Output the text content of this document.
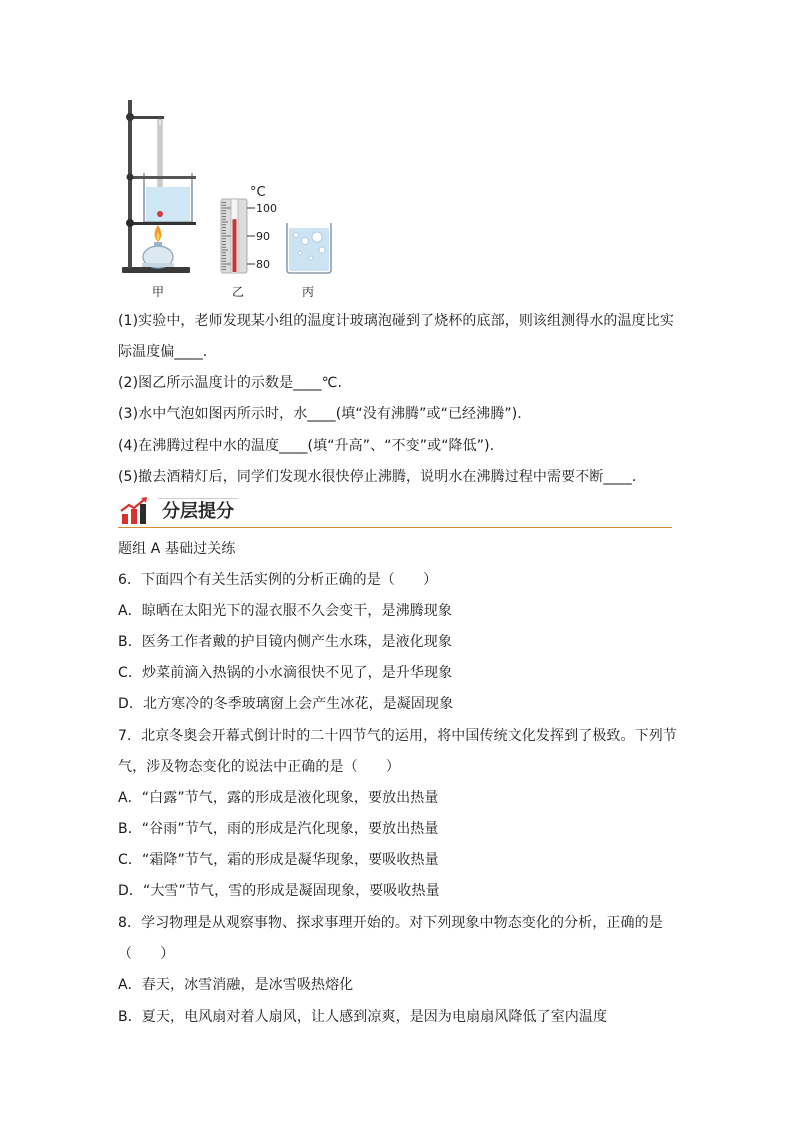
°C
100
90
80
甲	乙	丙
(1)实验中，老师发现某小组的温度计玻璃泡碰到了烧杯的底部，则该组测得水的温度比实
际温度偏____.
(2)图乙所示温度计的示数是____℃.
(3)水中气泡如图丙所示时，水____(填“没有沸腾”或“已经沸腾”).
(4)在沸腾过程中水的温度____(填“升高”、“不变”或“降低”).
(5)撤去酒精灯后，同学们发现水很快停止沸腾，说明水在沸腾过程中需要不断____.
分层提分
题组 A 基础过关练
6．下面四个有关生活实例的分析正确的是（　　）
A．晾晒在太阳光下的湿衣服不久会变干，是沸腾现象
B．医务工作者戴的护目镜内侧产生水珠，是液化现象
C．炒菜前滴入热锅的小水滴很快不见了，是升华现象
D．北方寒冷的冬季玻璃窗上会产生冰花，是凝固现象
7．北京冬奥会开幕式倒计时的二十四节气的运用，将中国传统文化发挥到了极致。下列节
气，涉及物态变化的说法中正确的是（　　）
A．“白露”节气，露的形成是液化现象，要放出热量
B．“谷雨”节气，雨的形成是汽化现象，要放出热量
C．“霜降”节气，霜的形成是凝华现象，要吸收热量
D．“大雪”节气，雪的形成是凝固现象，要吸收热量
8．学习物理是从观察事物、探求事理开始的。对下列现象中物态变化的分析，正确的是
（　　）
A．春天，冰雪消融，是冰雪吸热熔化
B．夏天，电风扇对着人扇风，让人感到凉爽，是因为电扇扇风降低了室内温度
